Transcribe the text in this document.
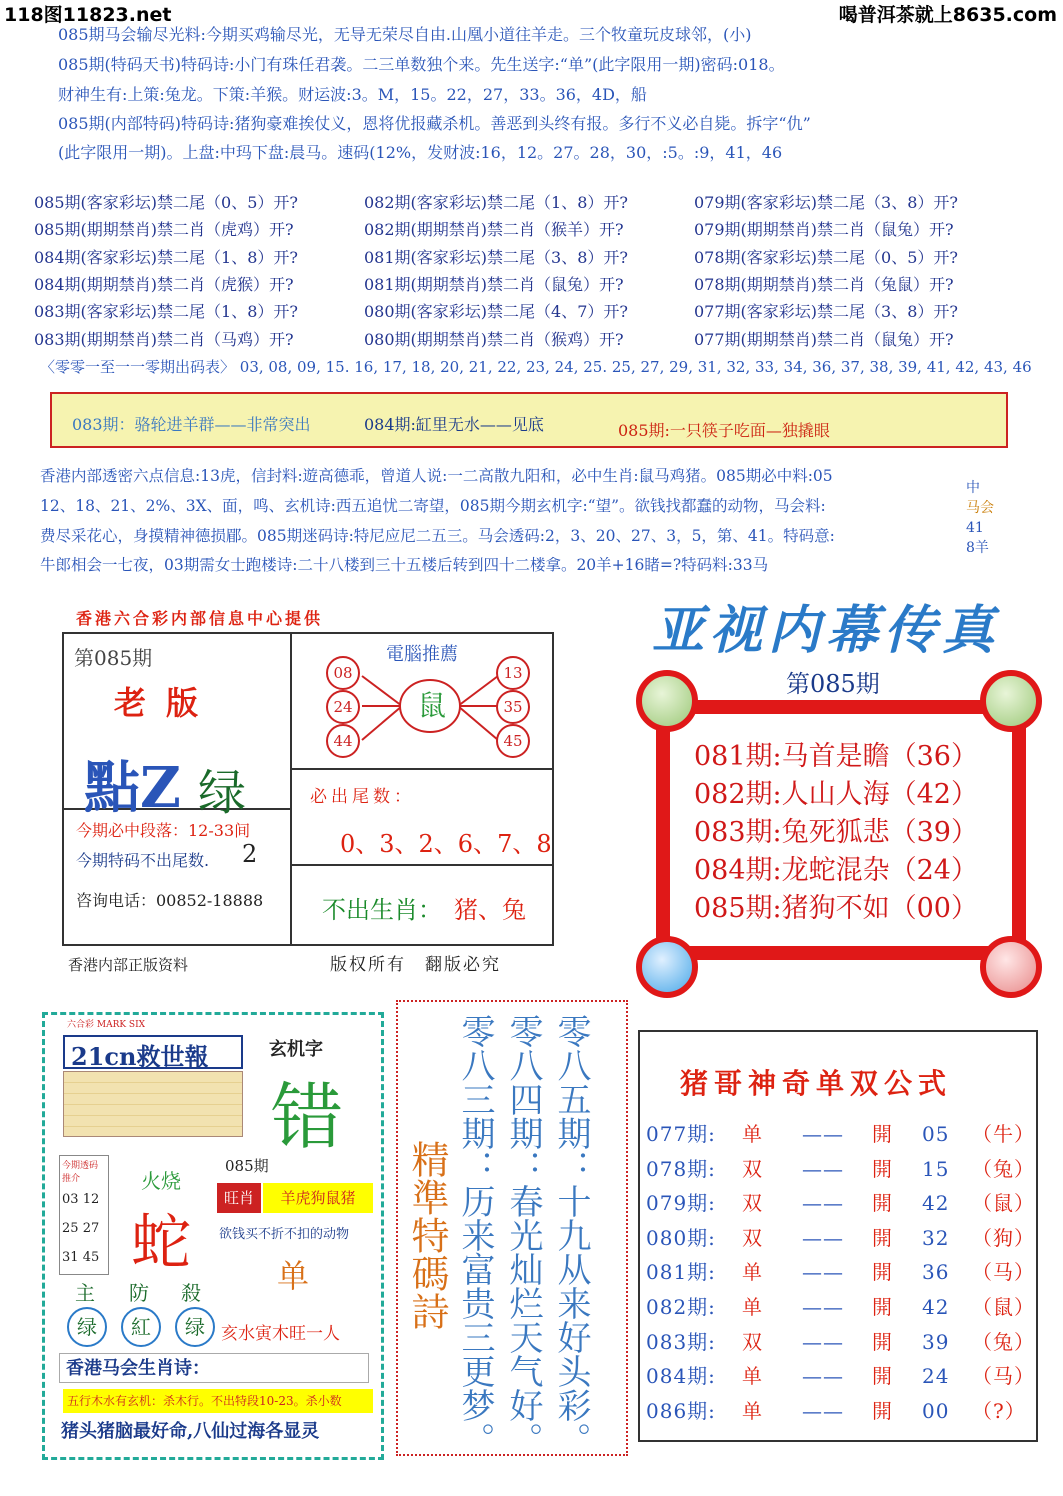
118图11823.net	喝普洱茶就上8635.com
085期马会输尽光料:今期买鸡输尽光，无导无荣尽自由.山凰小道往羊走。三个牧童玩皮球邻，(小)
085期(特码天书)特码诗:小门有珠任君袭。二三单数独个来。先生送字:“单”(此字限用一期)密码:018。
财神生有:上策:兔龙。下策:羊猴。财运波:3。M，15。22，27，33。36，4D，船
085期(内部特码)特码诗:猪狗豪难挨仗义，恩将优报藏杀机。善恶到头终有报。多行不义必自毙。拆字“仇”
(此字限用一期)。上盘:中玛下盘:晨马。速码(12%，发财波:16，12。27。28，30，:5。:9，41，46
085期(客家彩坛)禁二尾（0、5）开?	082期(客家彩坛)禁二尾（1、8）开?	079期(客家彩坛)禁二尾（3、8）开?
085期(期期禁肖)禁二肖（虎鸡）开?	082期(期期禁肖)禁二肖（猴羊）开?	079期(期期禁肖)禁二肖（鼠兔）开?
084期(客家彩坛)禁二尾（1、8）开?	081期(客家彩坛)禁二尾（3、8）开?	078期(客家彩坛)禁二尾（0、5）开?
084期(期期禁肖)禁二肖（虎猴）开?	081期(期期禁肖)禁二肖（鼠兔）开?	078期(期期禁肖)禁二肖（兔鼠）开?
083期(客家彩坛)禁二尾（1、8）开?	080期(客家彩坛)禁二尾（4、7）开?	077期(客家彩坛)禁二尾（3、8）开?
083期(期期禁肖)禁二肖（马鸡）开?	080期(期期禁肖)禁二肖（猴鸡）开?	077期(期期禁肖)禁二肖（鼠兔）开?
〈零零一至一一零期出码表〉 03, 08, 09, 15. 16, 17, 18, 20, 21, 22, 23, 24, 25. 25, 27, 29, 31, 32, 33, 34, 36, 37, 38, 39, 41, 42, 43, 46
083期：骆轮进羊群——非常突出	084期:缸里无水——见底	085期:一只筷子吃面—独撬眼
香港内部透密六点信息:13虎，信封料:遊高德乖，曾道人说:一二高散九阳和，必中生肖:鼠马鸡猪。085期必中料:05
12、18、21、2%、3X、面，鸣、玄机诗:西五追忧二寄望，085期今期玄机字:“望”。欲钱找都蠢的动物，马会料:
费尽采花心，身摸精神德损郿。085期迷码诗:特尼应尼二五三。马会透码:2，3、20、27、3，5，第、41。特码意:
牛郎相会一七夜，03期需女士跑楼诗:二十八楼到三十五楼后转到四十二楼拿。20羊+16睹=?特码料:33马
中
马会
41
8羊
香港六合彩内部信息中心提供
第085期
老版
點Z 绿
今期必中段落：12-33间
今期特码不出尾数. 2
咨询电话：00852-18888
電腦推薦
鼠
08
24
44
13
35
45
必出尾数：
0、3、2、6、7、8
不出生肖： 猪、兔
香港内部正版资料	版权所有　翻版必究
亚视内幕传真
第085期
081期:马首是瞻（36）
082期:人山人海（42）
083期:兔死狐悲（39）
084期:龙蛇混杂（24）
085期:猪狗不如（00）
猪哥神奇单双公式
077期: 单 —— 開 05 （牛）
078期: 双 —— 開 15 （兔）
079期: 双 —— 開 42 （鼠）
080期: 双 —— 開 32 （狗）
081期: 单 —— 開 36 （马）
082期: 单 —— 開 42 （鼠）
083期: 双 —— 開 39 （兔）
084期: 单 —— 開 24 （马）
086期: 单 —— 開 00 （?）
精準特碼詩	零八五期：十九从来好头彩。
零八四期：春光灿烂天气好。
零八三期：历来富贵三更梦。
六合彩 MARK SIX
21cn救世報	玄机字
错
今期透码推介
03 12
25 27
31 45
火烧
蛇
085期
旺肖	羊虎狗鼠猪
欲钱买不折不扣的动物
单
主 防 殺
绿	紅	绿 亥水寅木旺一人
香港马会生肖诗：
五行木水有玄机：杀木行。不出特段10-23。杀小数
猪头猪脑最好命,八仙过海各显灵
